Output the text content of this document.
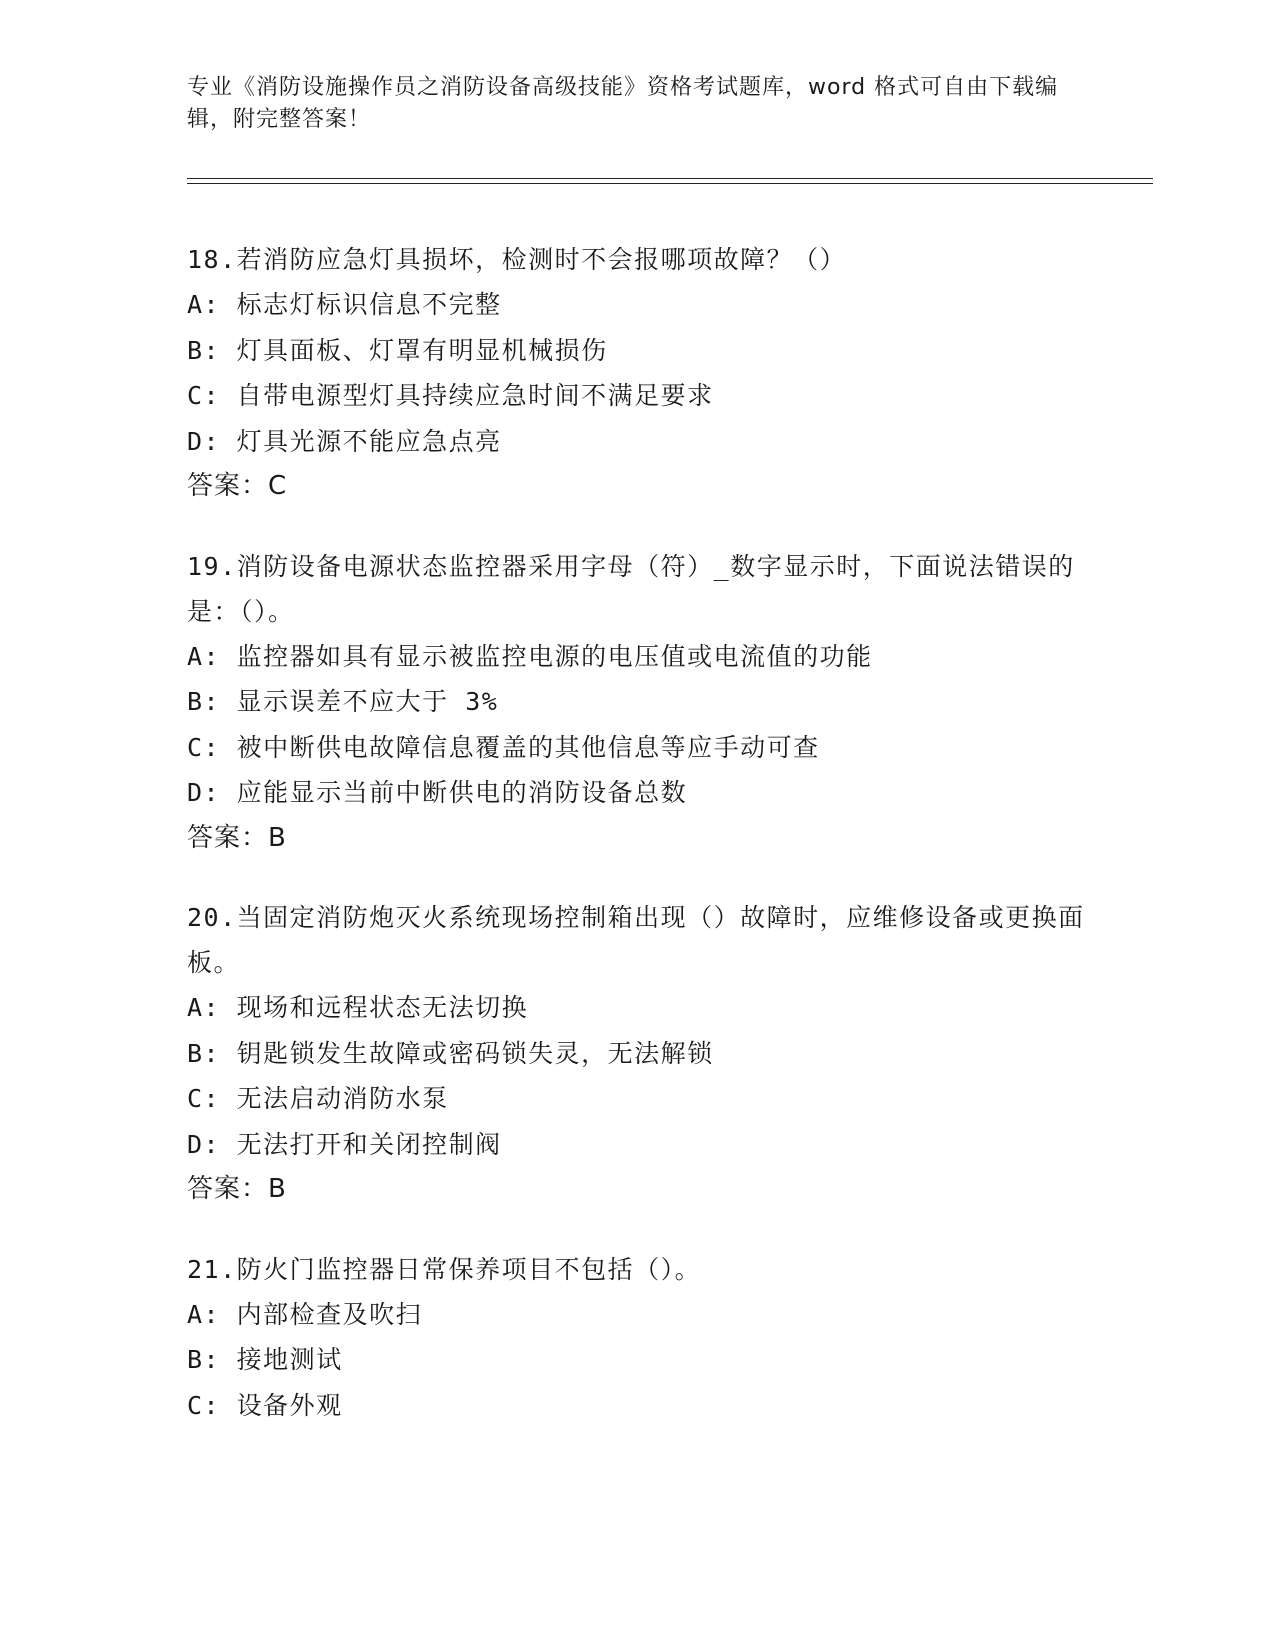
专业《消防设施操作员之消防设备高级技能》资格考试题库，word 格式可自由下载编辑，附完整答案！
18.若消防应急灯具损坏，检测时不会报哪项故障？（）
A: 标志灯标识信息不完整
B: 灯具面板、灯罩有明显机械损伤
C: 自带电源型灯具持续应急时间不满足要求
D: 灯具光源不能应急点亮
答案：C
19.消防设备电源状态监控器采用字母（符）_数字显示时，下面说法错误的是：（）。
A: 监控器如具有显示被监控电源的电压值或电流值的功能
B: 显示误差不应大于 3%
C: 被中断供电故障信息覆盖的其他信息等应手动可查
D: 应能显示当前中断供电的消防设备总数
答案：B
20.当固定消防炮灭火系统现场控制箱出现（）故障时，应维修设备或更换面板。
A: 现场和远程状态无法切换
B: 钥匙锁发生故障或密码锁失灵，无法解锁
C: 无法启动消防水泵
D: 无法打开和关闭控制阀
答案：B
21.防火门监控器日常保养项目不包括（）。
A: 内部检查及吹扫
B: 接地测试
C: 设备外观
